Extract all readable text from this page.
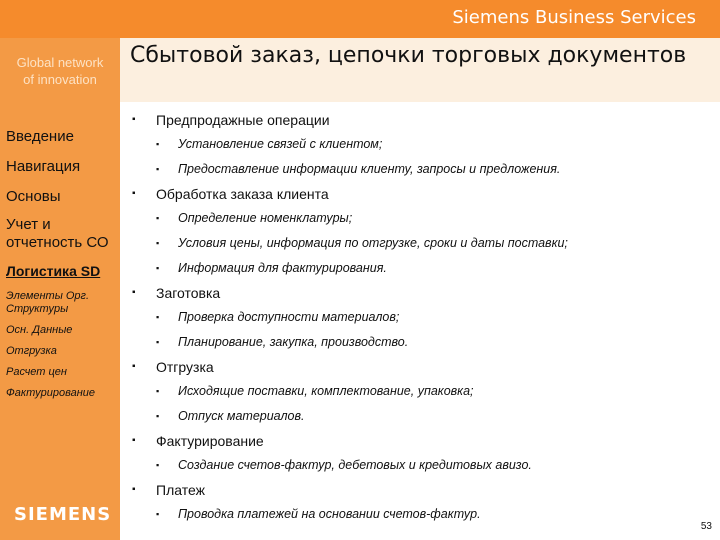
Siemens Business Services
Global network
of innovation
Введение
Навигация
Основы
Учет и отчетность СО
Логистика SD
Элементы Орг. Структуры
Осн. Данные
Отгрузка
Расчет цен
Фактурирование
SIEMENS
Сбытовой заказ, цепочки торговых документов
▪ Предпродажные операции
▪ Установление связей с клиентом;
▪ Предоставление информации клиенту, запросы и предложения.
▪ Обработка заказа клиента
▪ Определение номенклатуры;
▪ Условия цены, информация по отгрузке, сроки и даты поставки;
▪ Информация для фактурирования.
▪ Заготовка
▪ Проверка доступности материалов;
▪ Планирование, закупка, производство.
▪ Отгрузка
▪ Исходящие поставки, комплектование, упаковка;
▪ Отпуск материалов.
▪ Фактурирование
▪ Создание счетов-фактур, дебетовых и кредитовых авизо.
▪ Платеж
▪ Проводка платежей на основании счетов-фактур.
53
